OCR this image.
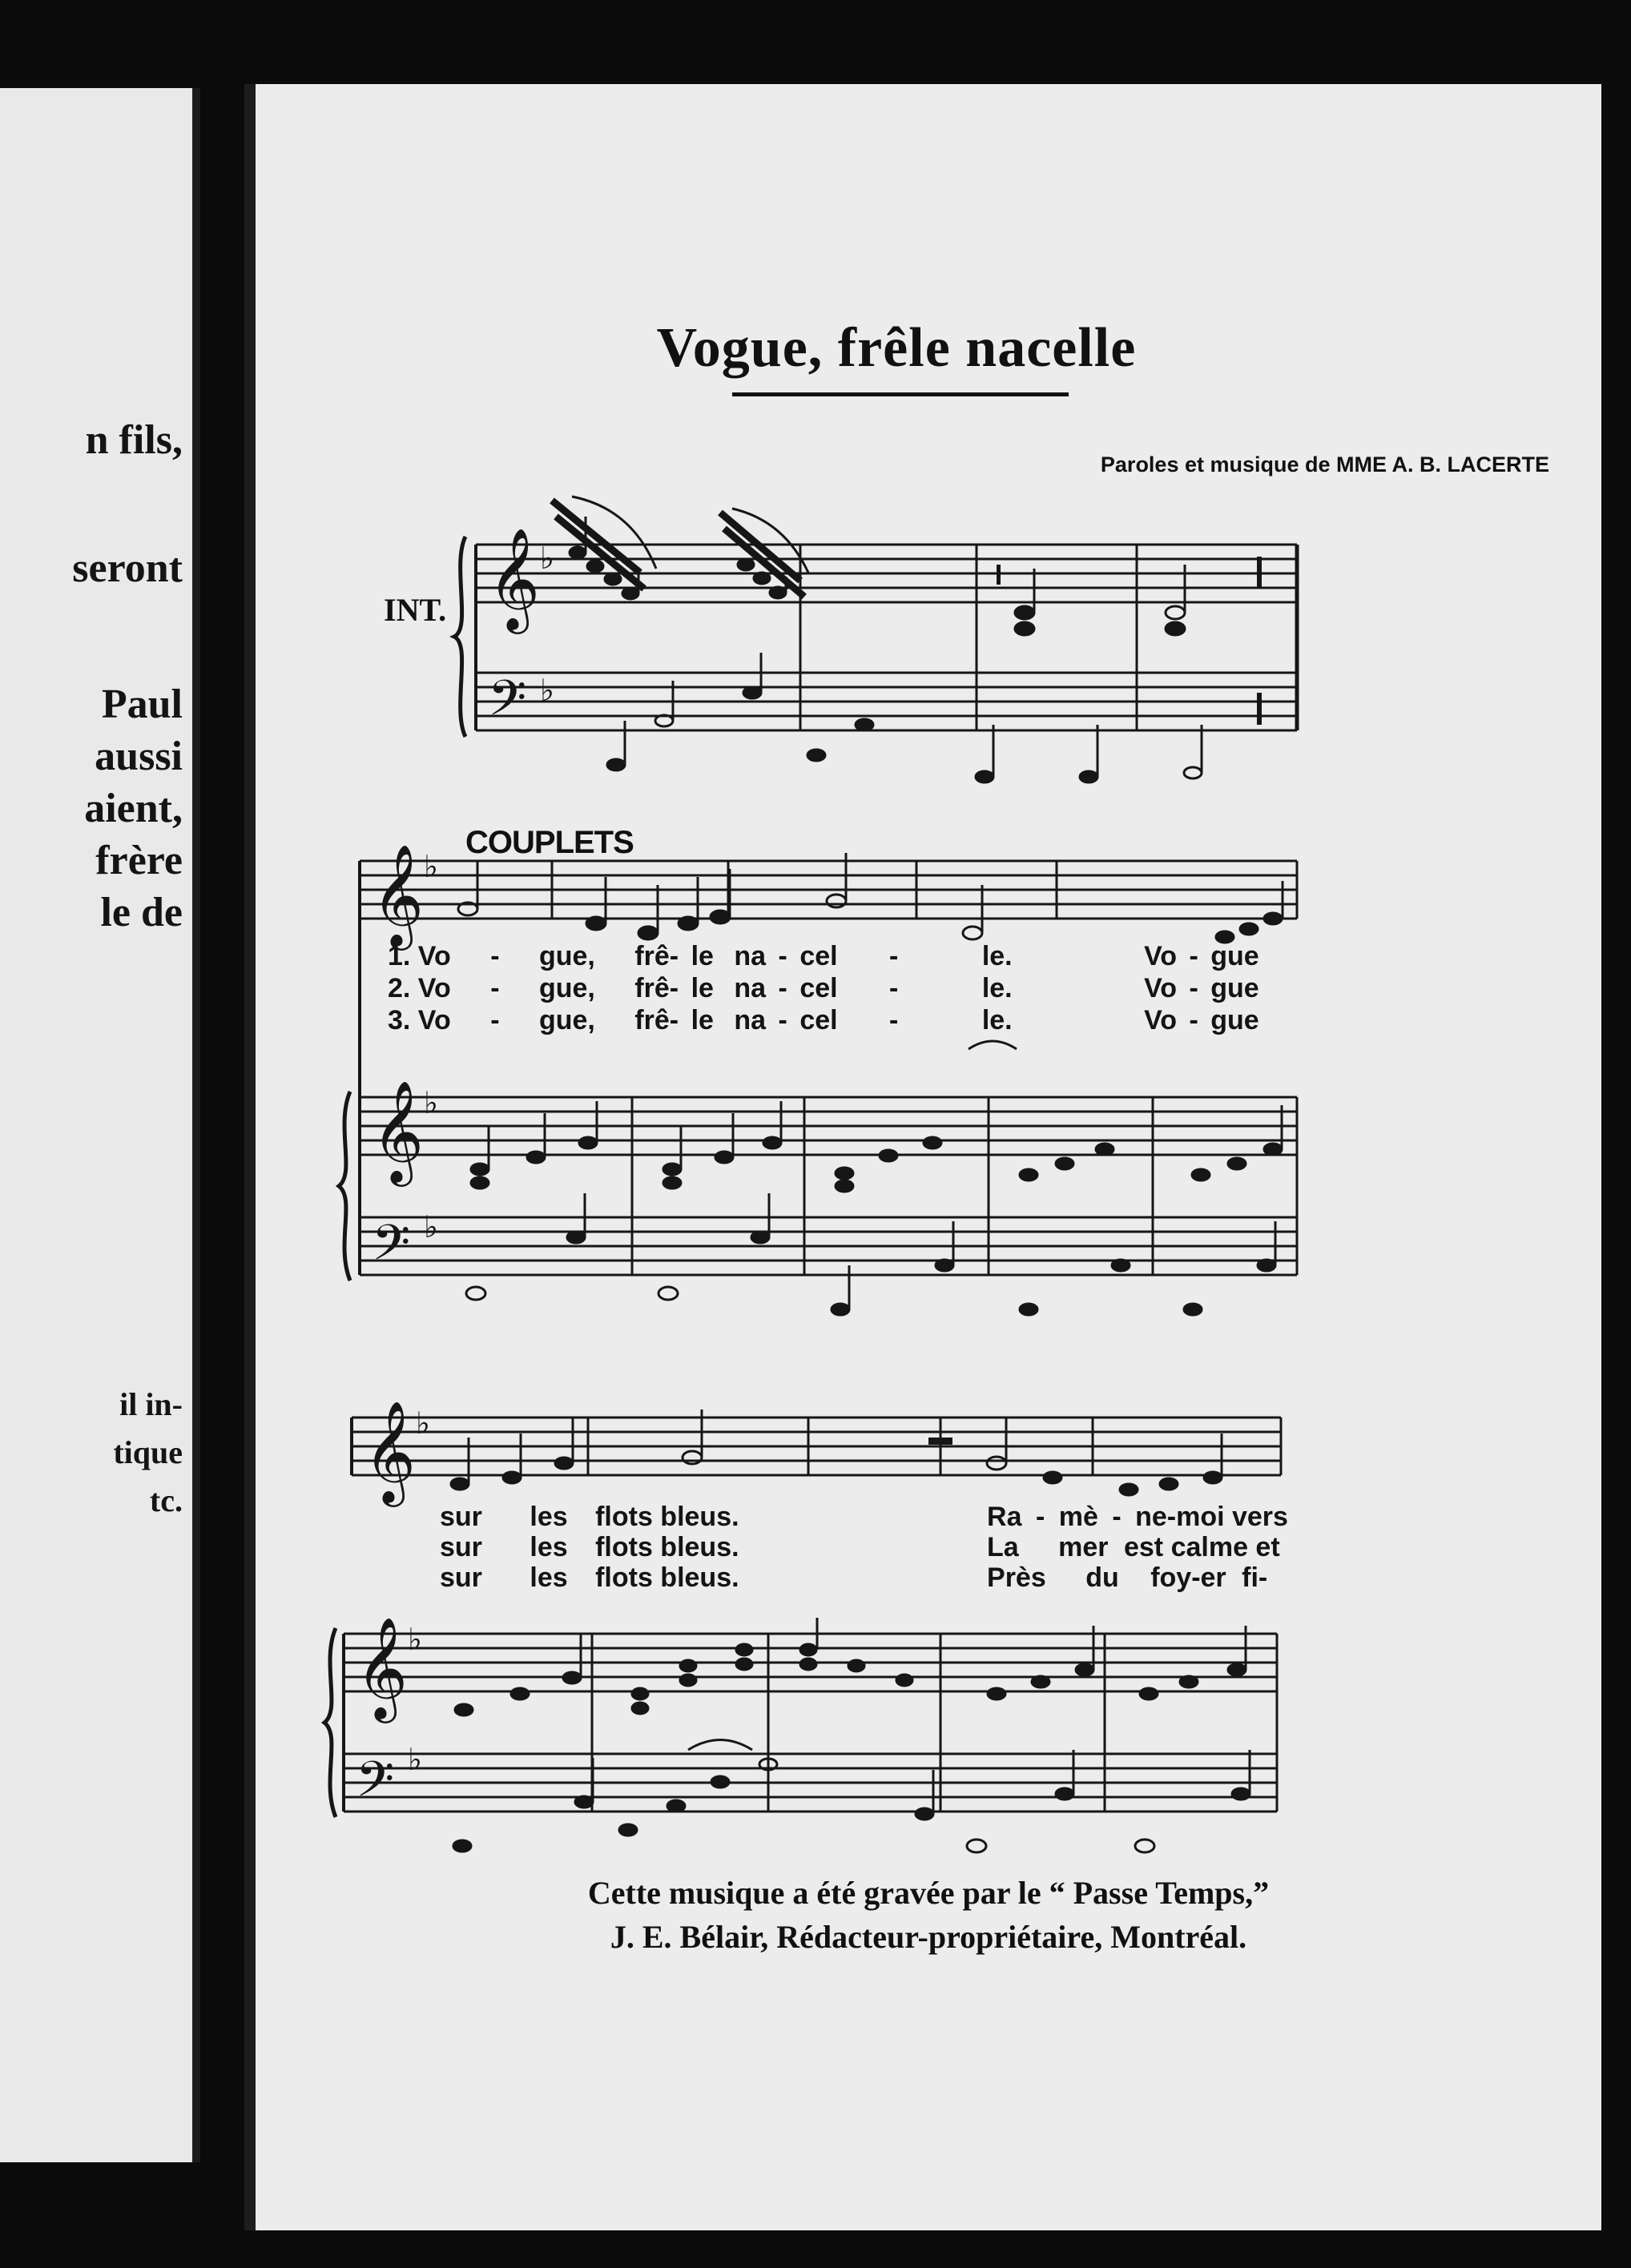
n fils,
seront
Paul
aussi
aient,
frère
le de
il in-
tique
tc.
Vogue, frêle nacelle
Paroles et musique de MME A. B. LACERTE
INT.
COUPLETS
𝄞
𝄢
𝄞
𝄞
𝄢
𝄞
𝄞
𝄢
♭
♭
♭
♭
♭
♭
♭
♭
1. Vo - gue, frê- le na - cel -	le.	Vo - gue
2. Vo - gue, frê- le na - cel -	le.	Vo - gue
3. Vo - gue, frê- le na - cel -	le.	Vo - gue
sur les flots bleus.	Ra - mè - ne-moi vers
sur les flots bleus.	La mer est calme et
sur les flots bleus.	Près du foy-er fi-
Cette musique a été gravée par le “ Passe Temps,”
J. E. Bélair, Rédacteur-propriétaire, Montréal.
